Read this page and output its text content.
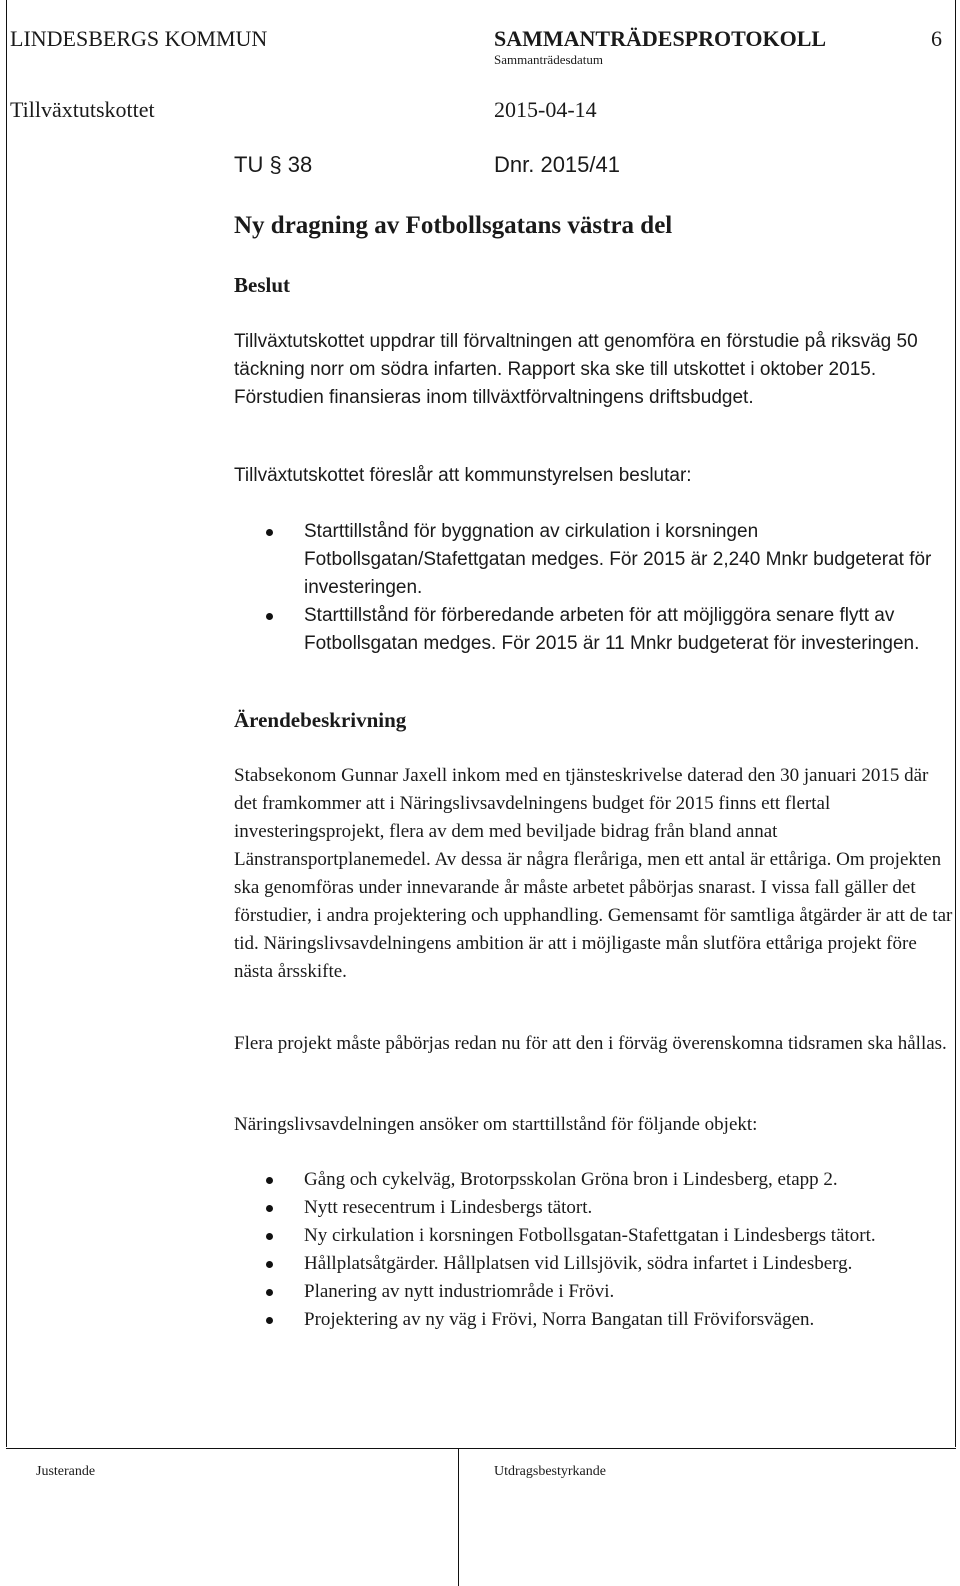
LINDESBERGS KOMMUN	SAMMANTRÄDESPROTOKOLL	6
Sammanträdesdatum
Tillväxtutskottet	2015-04-14
TU § 38	Dnr. 2015/41
Ny dragning av Fotbollsgatans västra del
Beslut

Tillväxtutskottet uppdrar till förvaltningen att genomföra en förstudie på riksväg 50 täckning norr om södra infarten. Rapport ska ske till utskottet i oktober 2015. Förstudien finansieras inom tillväxtförvaltningens driftsbudget.

Tillväxtutskottet föreslår att kommunstyrelsen beslutar:

Starttillstånd för byggnation av cirkulation i korsningen Fotbollsgatan/Stafettgatan medges. För 2015 är 2,240 Mnkr budgeterat för investeringen.
Starttillstånd för förberedande arbeten för att möjliggöra senare flytt av Fotbollsgatan medges. För 2015 är 11 Mnkr budgeterat för investeringen.
Ärendebeskrivning

Stabsekonom Gunnar Jaxell inkom med en tjänsteskrivelse daterad den 30 januari 2015 där det framkommer att i Näringslivsavdelningens budget för 2015 finns ett flertal investeringsprojekt, flera av dem med beviljade bidrag från bland annat Länstransportplanemedel. Av dessa är några fleråriga, men ett antal är ettåriga. Om projekten ska genomföras under innevarande år måste arbetet påbörjas snarast. I vissa fall gäller det förstudier, i andra projektering och upphandling. Gemensamt för samtliga åtgärder är att de tar tid. Näringslivsavdelningens ambition är att i möjligaste mån slutföra ettåriga projekt före nästa årsskifte.

Flera projekt måste påbörjas redan nu för att den i förväg överenskomna tidsramen ska hållas.

Näringslivsavdelningen ansöker om starttillstånd för följande objekt:

Gång och cykelväg, Brotorpsskolan Gröna bron i Lindesberg, etapp 2.
Nytt resecentrum i Lindesbergs tätort.
Ny cirkulation i korsningen Fotbollsgatan-Stafettgatan i Lindesbergs tätort.
Hållplatsåtgärder. Hållplatsen vid Lillsjövik, södra infartet i Lindesberg.
Planering av nytt industriområde i Frövi.
Projektering av ny väg i Frövi, Norra Bangatan till Fröviforsvägen.
Justerande	Utdragsbestyrkande
